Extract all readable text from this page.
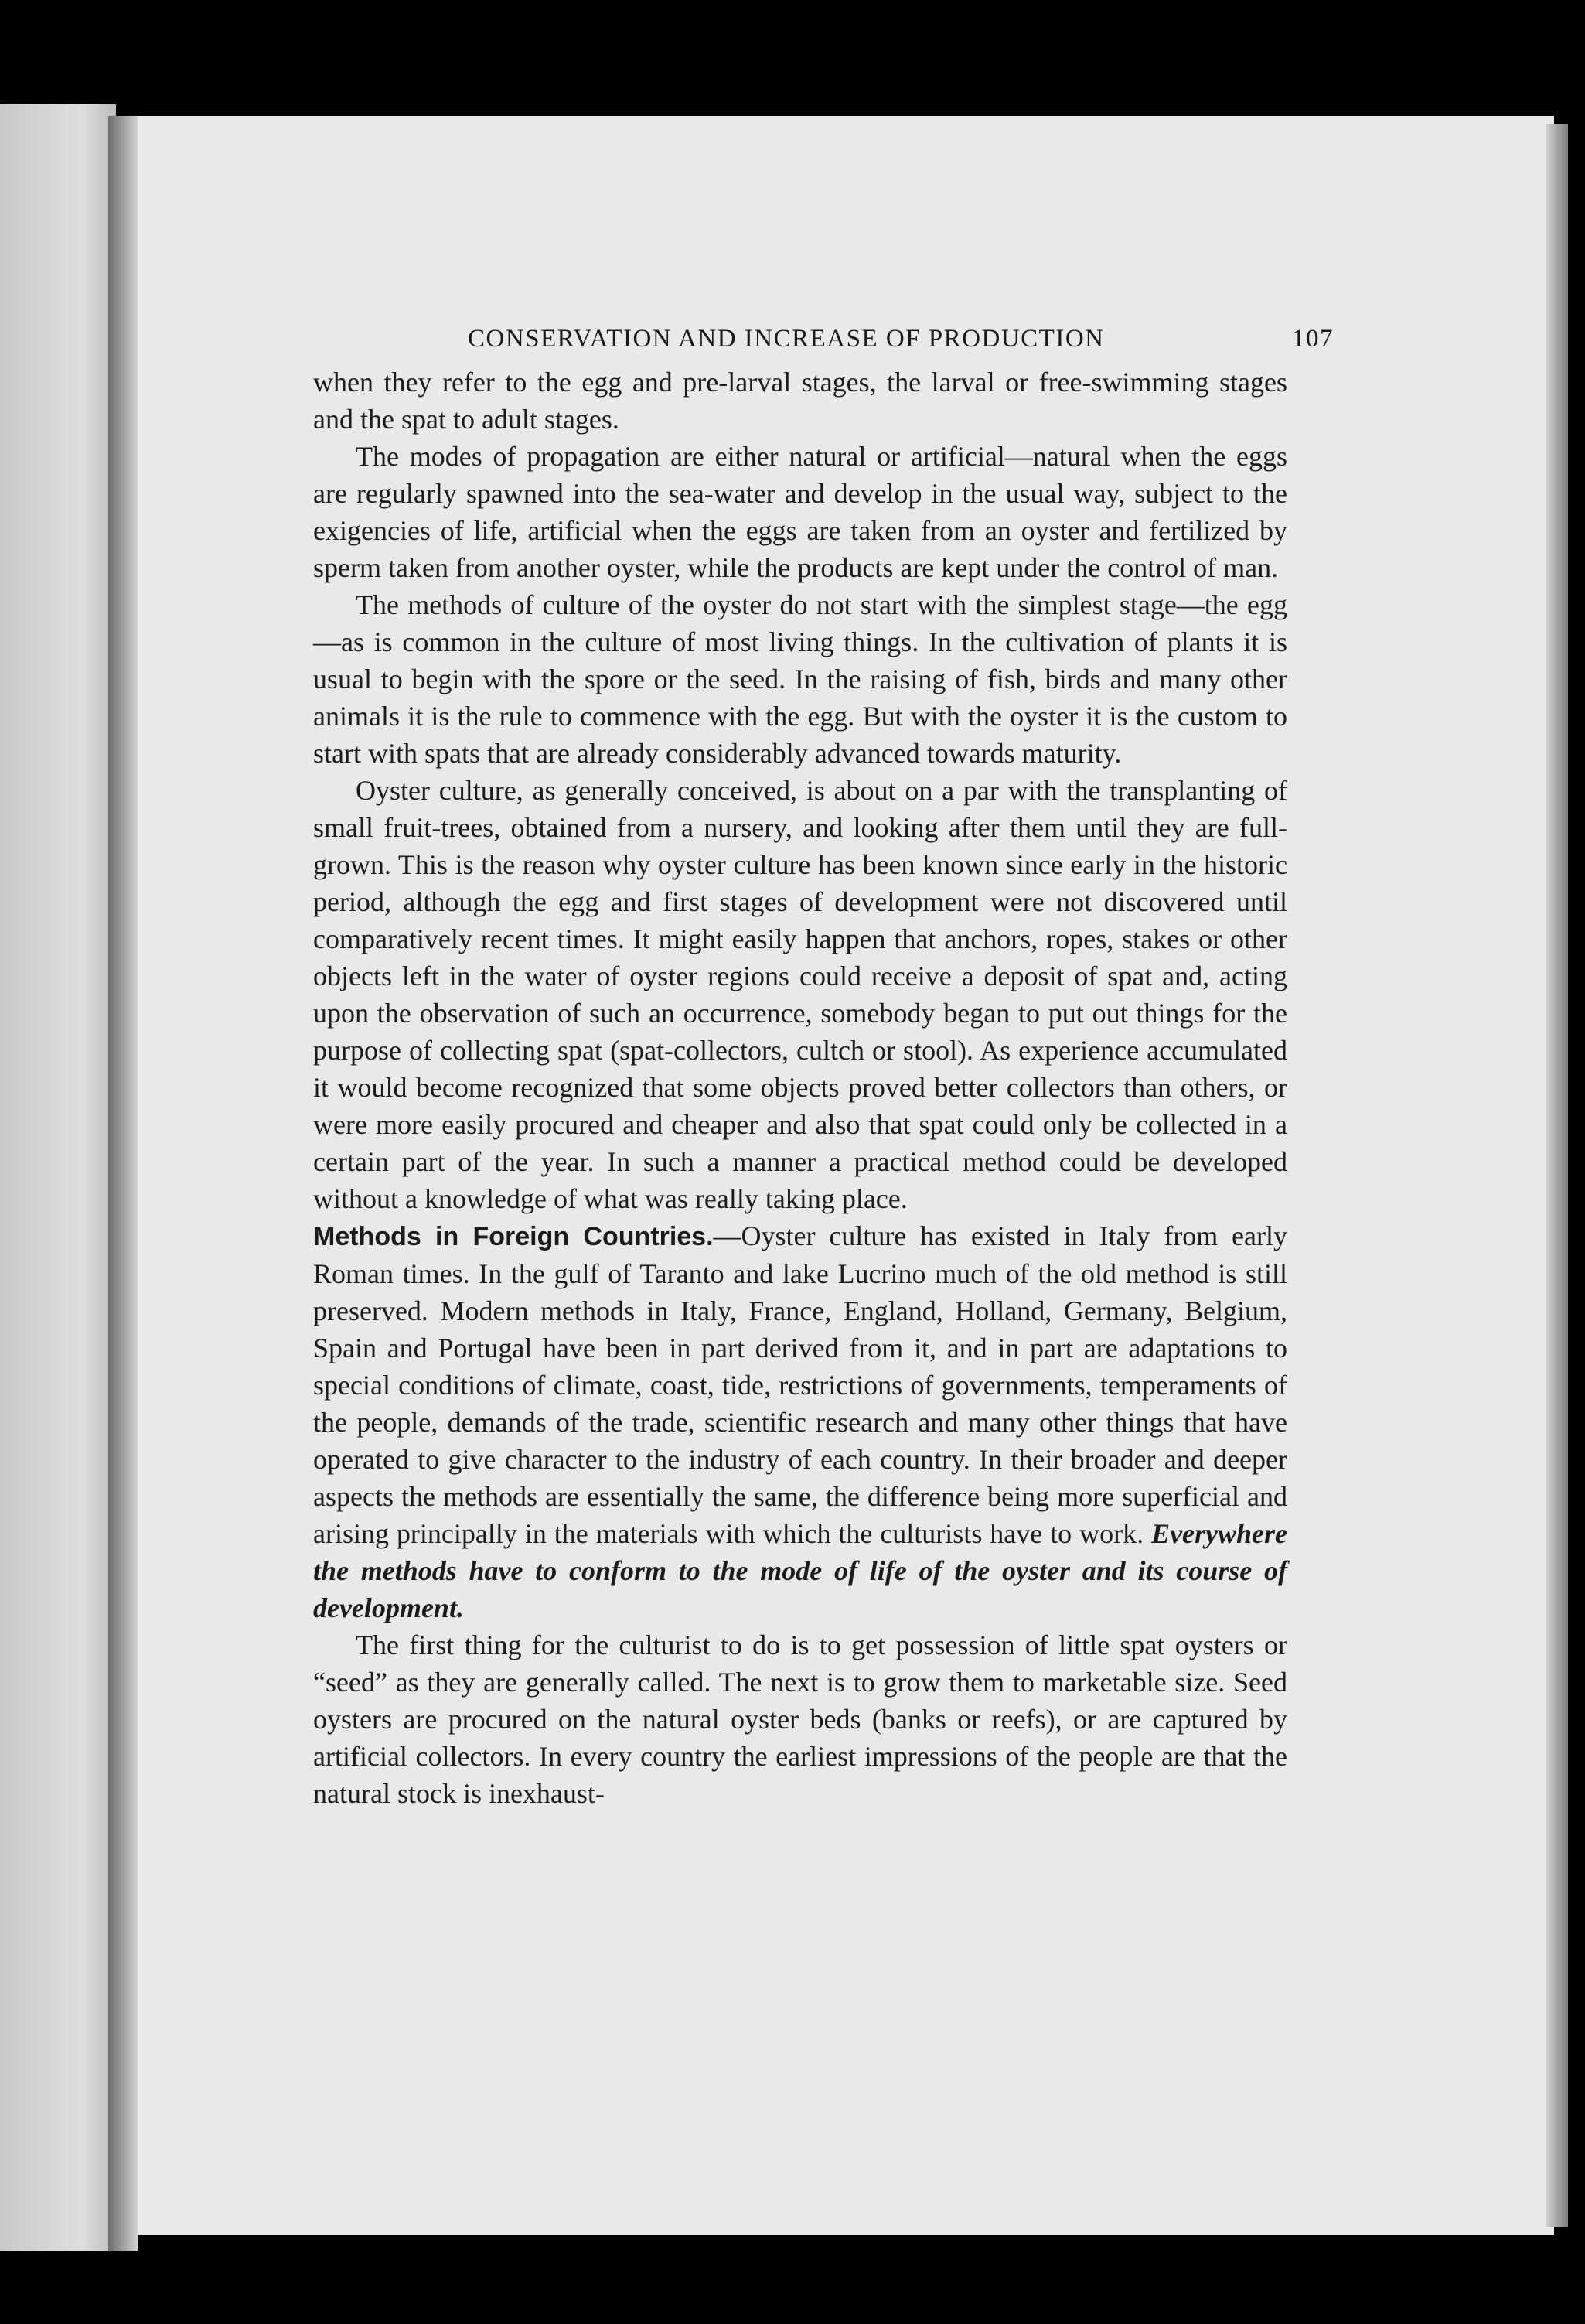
CONSERVATION AND INCREASE OF PRODUCTION	107

when they refer to the egg and pre-larval stages, the larval or free-swimming stages and the spat to adult stages.

The modes of propagation are either natural or artificial—natural when the eggs are regularly spawned into the sea-water and develop in the usual way, subject to the exigencies of life, artificial when the eggs are taken from an oyster and fertilized by sperm taken from another oyster, while the products are kept under the control of man.

The methods of culture of the oyster do not start with the simplest stage—the egg—as is common in the culture of most living things. In the cultivation of plants it is usual to begin with the spore or the seed. In the raising of fish, birds and many other animals it is the rule to commence with the egg. But with the oyster it is the custom to start with spats that are already considerably advanced towards maturity.

Oyster culture, as generally conceived, is about on a par with the transplanting of small fruit-trees, obtained from a nursery, and looking after them until they are full-grown. This is the reason why oyster culture has been known since early in the historic period, although the egg and first stages of development were not discovered until comparatively recent times. It might easily happen that anchors, ropes, stakes or other objects left in the water of oyster regions could receive a deposit of spat and, acting upon the observation of such an occurrence, somebody began to put out things for the purpose of collecting spat (spat-collectors, cultch or stool). As experience accumulated it would become recognized that some objects proved better collectors than others, or were more easily procured and cheaper and also that spat could only be collected in a certain part of the year. In such a manner a practical method could be developed without a knowledge of what was really taking place.

Methods in Foreign Countries.—Oyster culture has existed in Italy from early Roman times. In the gulf of Taranto and lake Lucrino much of the old method is still preserved. Modern methods in Italy, France, England, Holland, Germany, Belgium, Spain and Portugal have been in part derived from it, and in part are adaptations to special conditions of climate, coast, tide, restrictions of governments, temperaments of the people, demands of the trade, scientific research and many other things that have operated to give character to the industry of each country. In their broader and deeper aspects the methods are essentially the same, the difference being more superficial and arising principally in the materials with which the culturists have to work. Everywhere the methods have to conform to the mode of life of the oyster and its course of development.

The first thing for the culturist to do is to get possession of little spat oysters or “seed” as they are generally called. The next is to grow them to marketable size. Seed oysters are procured on the natural oyster beds (banks or reefs), or are captured by artificial collectors. In every country the earliest impressions of the people are that the natural stock is inexhaust-
